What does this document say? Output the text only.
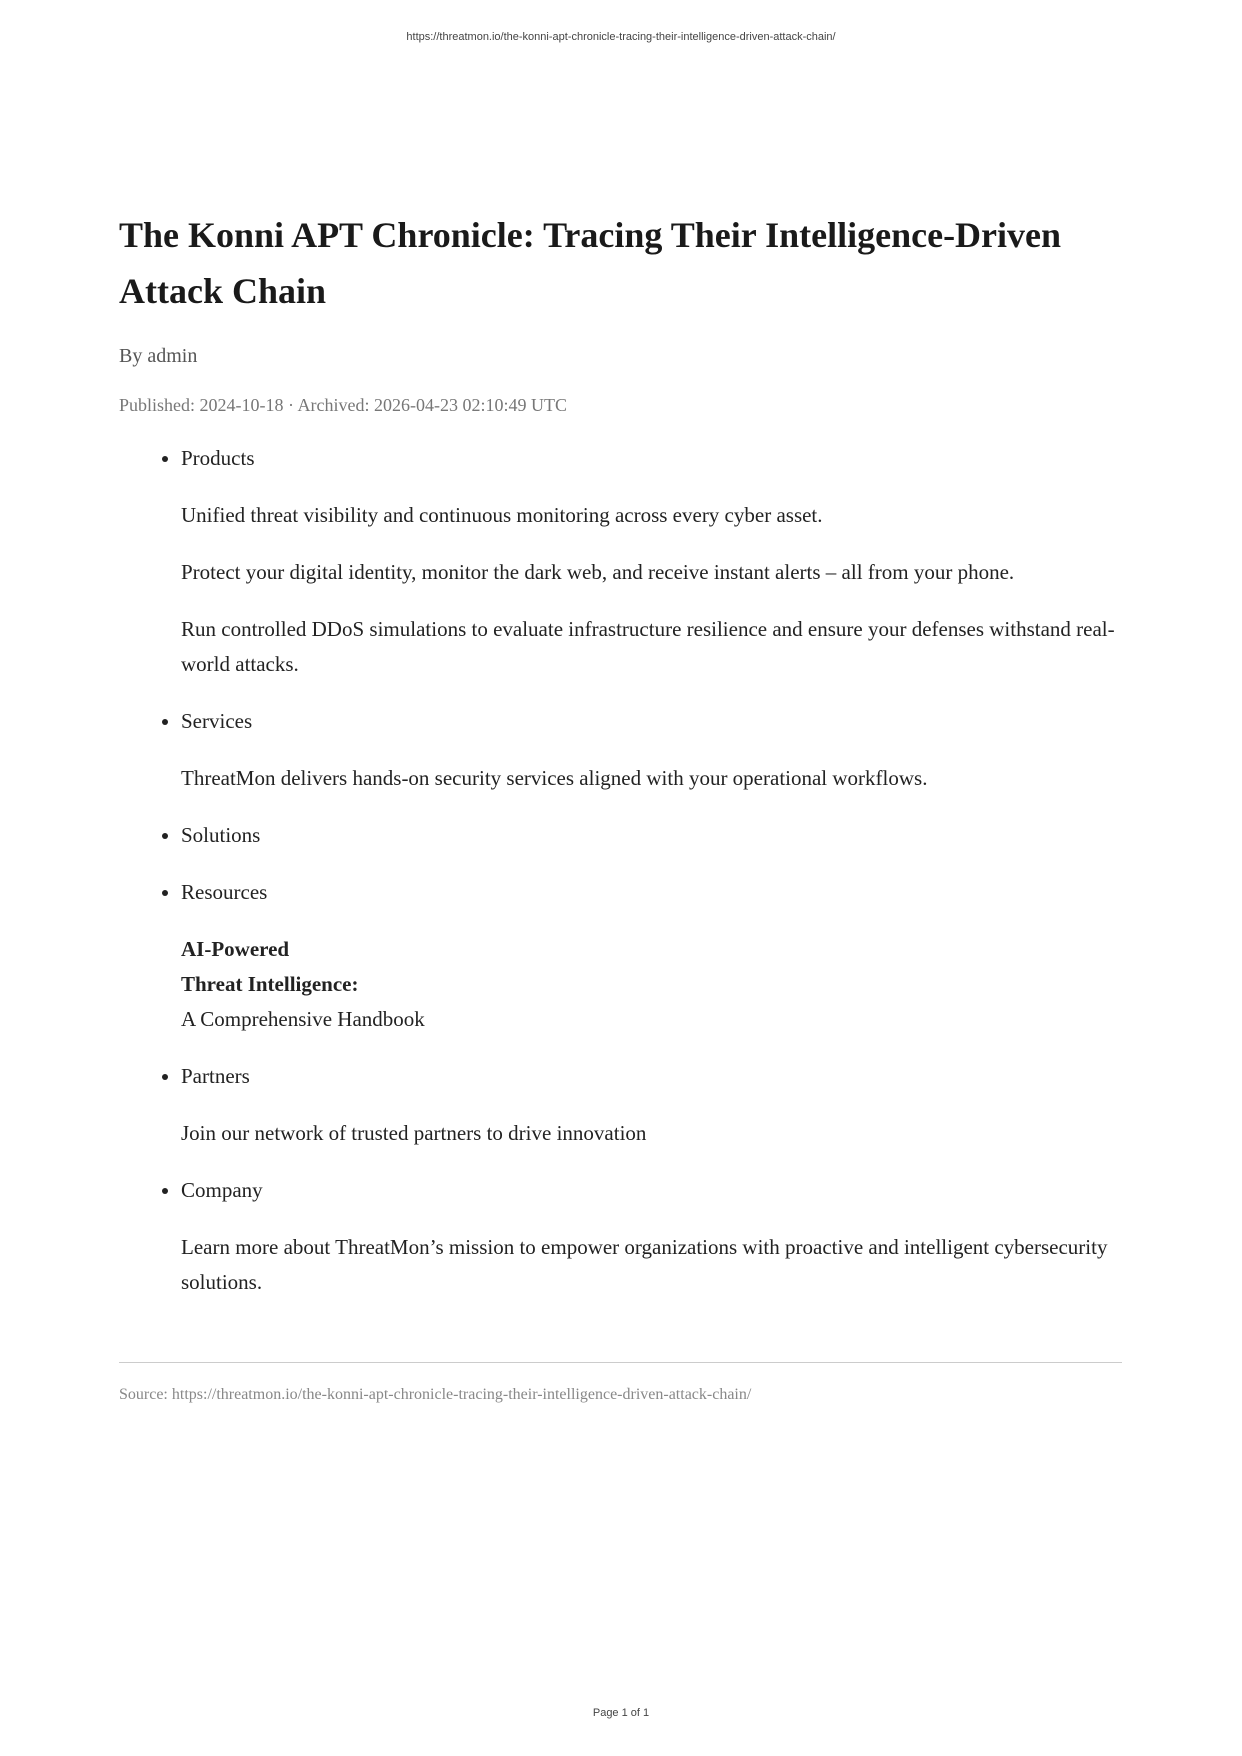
https://threatmon.io/the-konni-apt-chronicle-tracing-their-intelligence-driven-attack-chain/
The Konni APT Chronicle: Tracing Their Intelligence-Driven Attack Chain
By admin
Published: 2024-10-18 · Archived: 2026-04-23 02:10:49 UTC
Products

Unified threat visibility and continuous monitoring across every cyber asset.

Protect your digital identity, monitor the dark web, and receive instant alerts – all from your phone.

Run controlled DDoS simulations to evaluate infrastructure resilience and ensure your defenses withstand real-world attacks.

Services

ThreatMon delivers hands-on security services aligned with your operational workflows.

Solutions
Resources

AI-Powered
Threat Intelligence:
A Comprehensive Handbook

Partners

Join our network of trusted partners to drive innovation

Company

Learn more about ThreatMon’s mission to empower organizations with proactive and intelligent cybersecurity solutions.

Source: https://threatmon.io/the-konni-apt-chronicle-tracing-their-intelligence-driven-attack-chain/
Page 1 of 1
